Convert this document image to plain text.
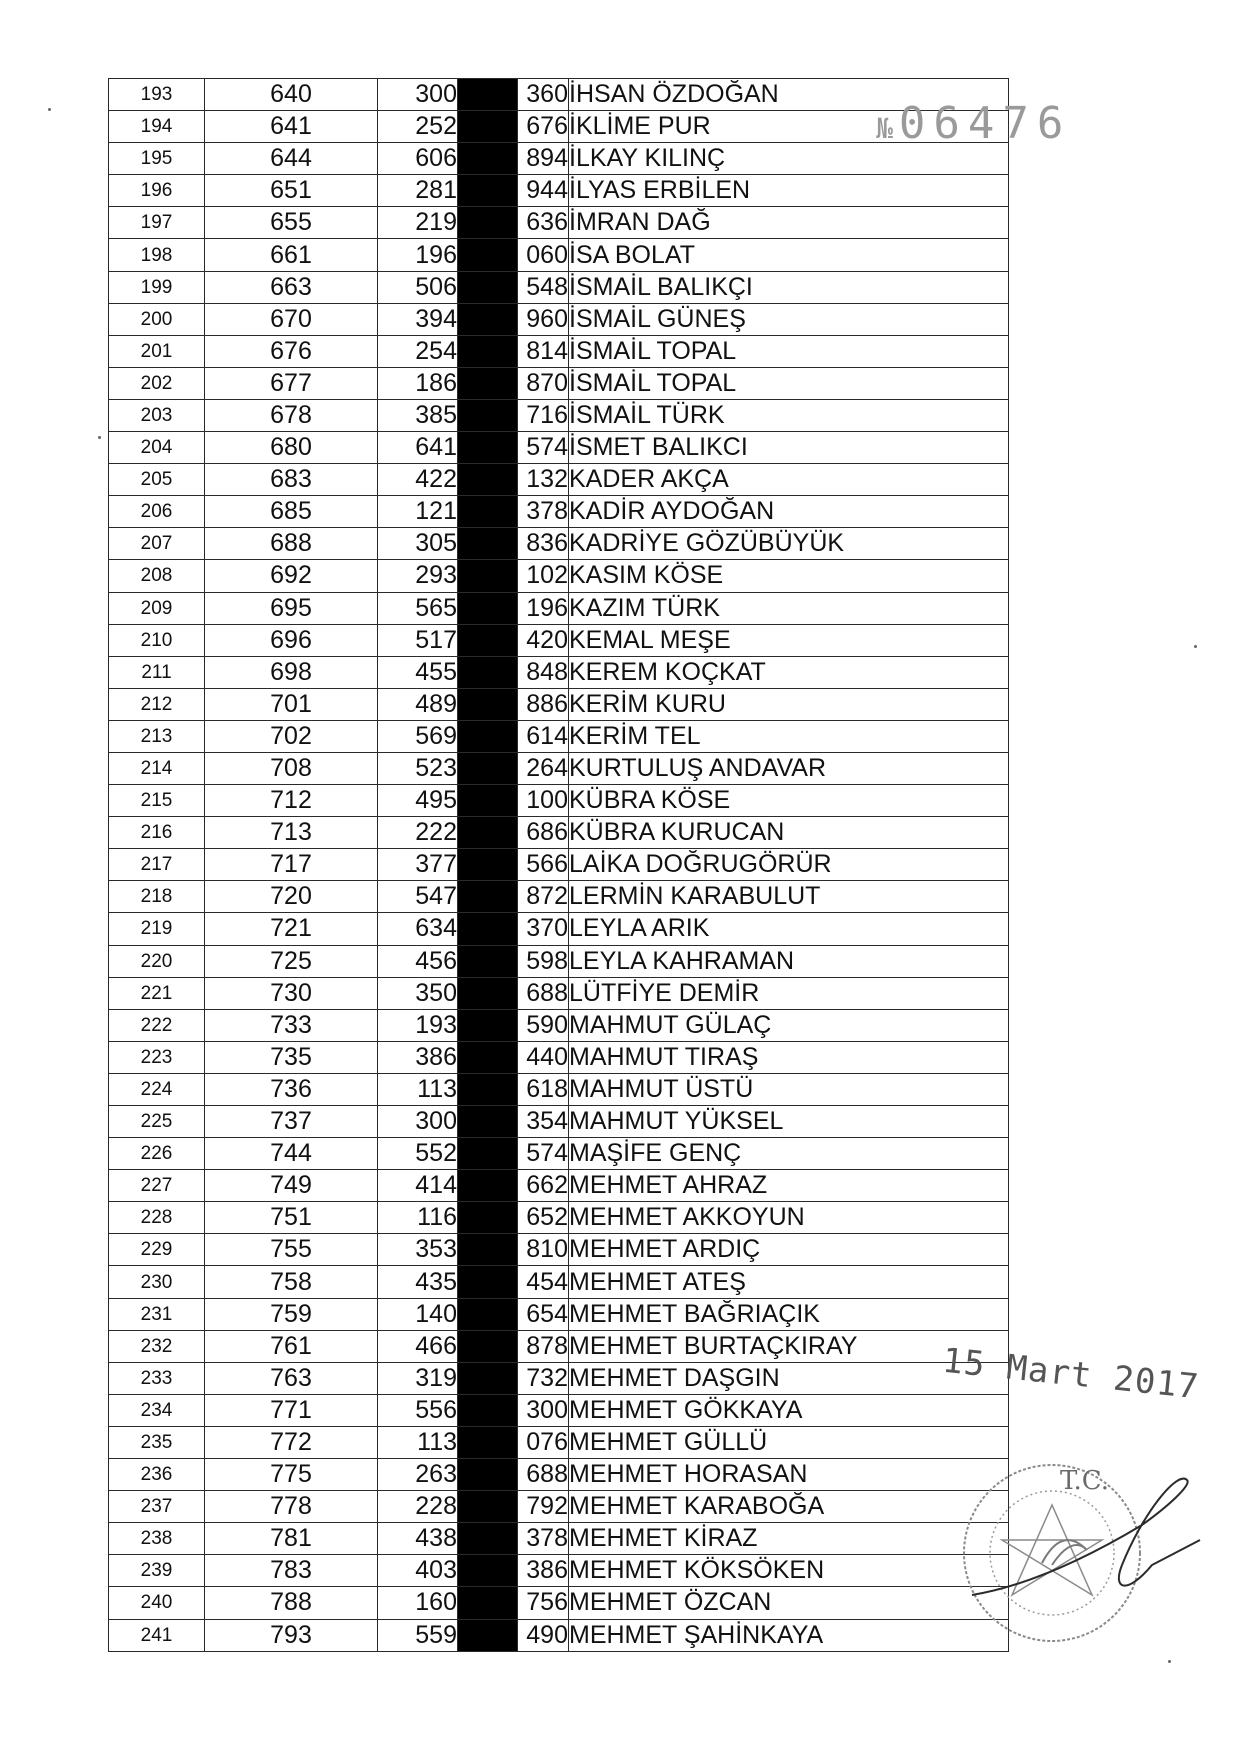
193	640	300		360	İHSAN ÖZDOĞAN
194	641	252		676	İKLİME PUR
195	644	606		894	İLKAY KILINÇ
196	651	281		944	İLYAS ERBİLEN
197	655	219		636	İMRAN DAĞ
198	661	196		060	İSA BOLAT
199	663	506		548	İSMAİL BALIKÇI
200	670	394		960	İSMAİL GÜNEŞ
201	676	254		814	İSMAİL TOPAL
202	677	186		870	İSMAİL TOPAL
203	678	385		716	İSMAİL TÜRK
204	680	641		574	İSMET BALIKCI
205	683	422		132	KADER AKÇA
206	685	121		378	KADİR AYDOĞAN
207	688	305		836	KADRİYE GÖZÜBÜYÜK
208	692	293		102	KASIM KÖSE
209	695	565		196	KAZIM TÜRK
210	696	517		420	KEMAL MEŞE
211	698	455		848	KEREM KOÇKAT
212	701	489		886	KERİM KURU
213	702	569		614	KERİM TEL
214	708	523		264	KURTULUŞ ANDAVAR
215	712	495		100	KÜBRA KÖSE
216	713	222		686	KÜBRA KURUCAN
217	717	377		566	LAİKA DOĞRUGÖRÜR
218	720	547		872	LERMİN KARABULUT
219	721	634		370	LEYLA ARIK
220	725	456		598	LEYLA KAHRAMAN
221	730	350		688	LÜTFİYE DEMİR
222	733	193		590	MAHMUT GÜLAÇ
223	735	386		440	MAHMUT TIRAŞ
224	736	113		618	MAHMUT ÜSTÜ
225	737	300		354	MAHMUT YÜKSEL
226	744	552		574	MAŞİFE GENÇ
227	749	414		662	MEHMET AHRAZ
228	751	116		652	MEHMET AKKOYUN
229	755	353		810	MEHMET ARDIÇ
230	758	435		454	MEHMET ATEŞ
231	759	140		654	MEHMET BAĞRIAÇIK
232	761	466		878	MEHMET BURTAÇKIRAY
233	763	319		732	MEHMET DAŞGIN
234	771	556		300	MEHMET GÖKKAYA
235	772	113		076	MEHMET GÜLLÜ
236	775	263		688	MEHMET HORASAN
237	778	228		792	MEHMET KARABOĞA
238	781	438		378	MEHMET KİRAZ
239	783	403		386	MEHMET KÖKSÖKEN
240	788	160		756	MEHMET ÖZCAN
241	793	559		490	MEHMET ŞAHİNKAYA
№ 06476
15 Mart 2017
T.C.
